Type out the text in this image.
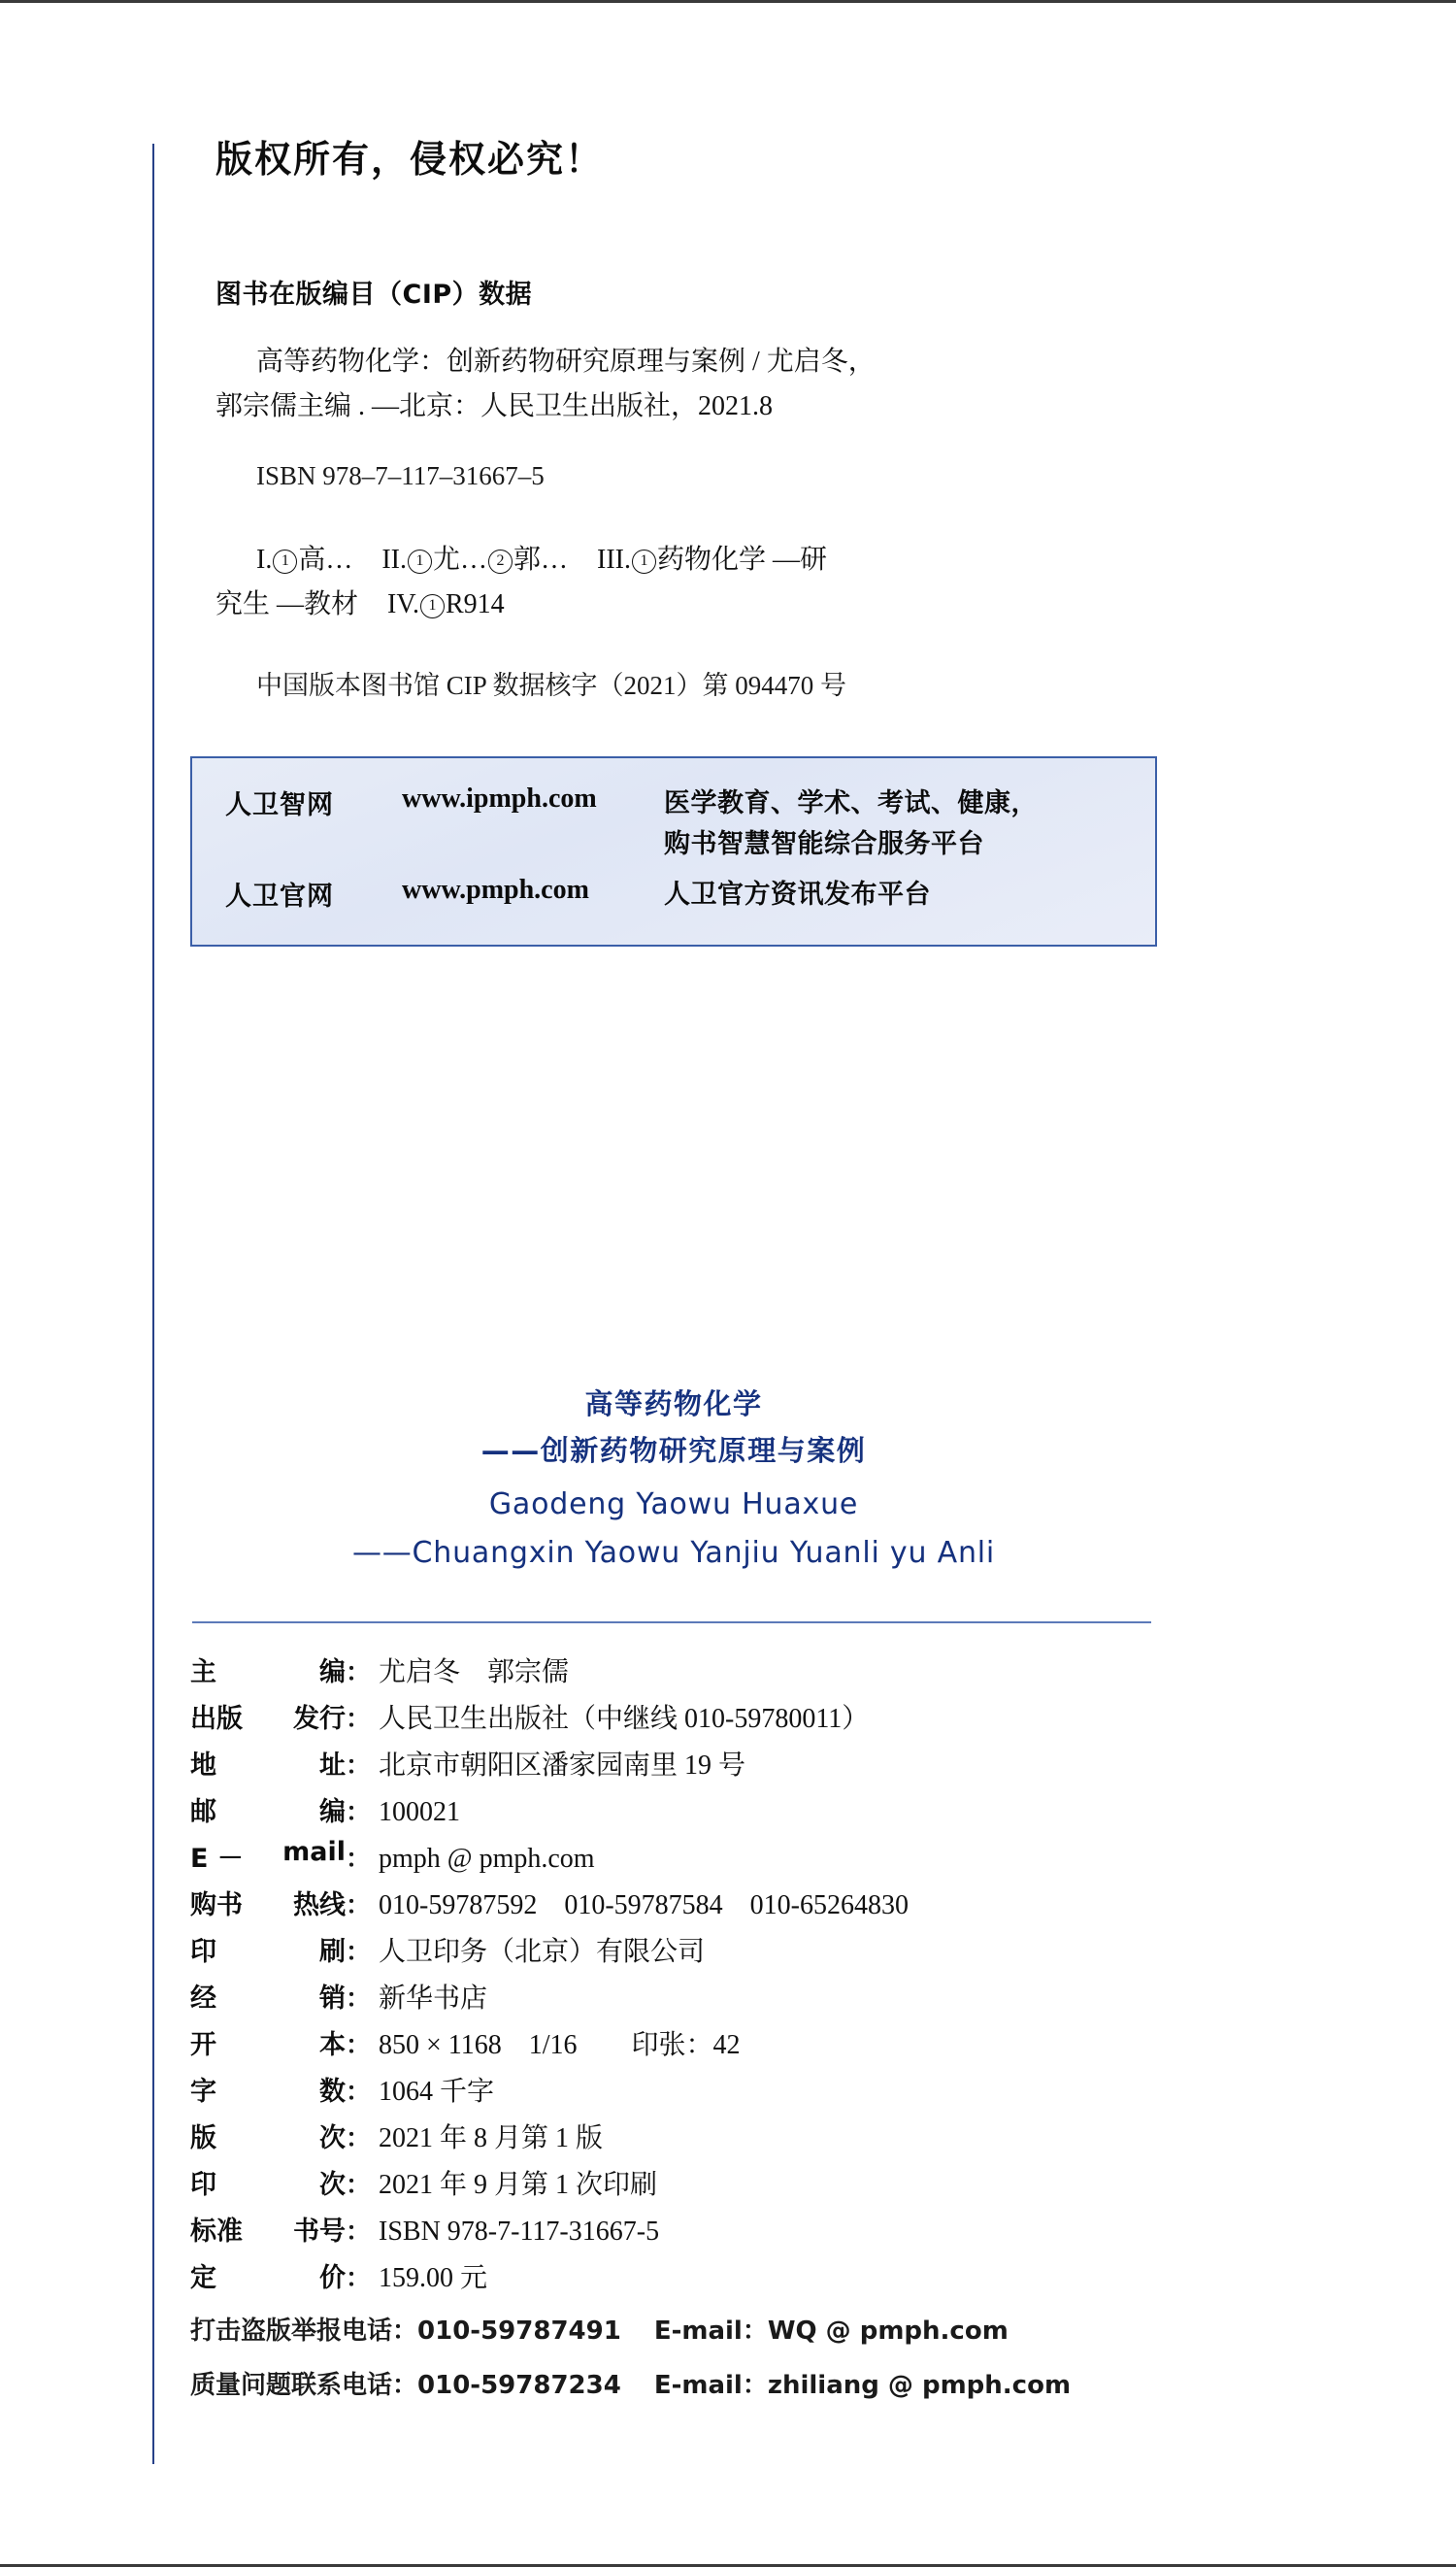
版权所有，侵权必究！
图书在版编目（CIP）数据
高等药物化学：创新药物研究原理与案例 / 尤启冬，
郭宗儒主编 . —北京：人民卫生出版社，2021.8
ISBN 978–7–117–31667–5
I. 1 高… II. 1 尤… 2 郭… III. 1 药物化学 —研
究生 —教材 IV. 1 R914
中国版本图书馆 CIP 数据核字（2021）第 094470 号
人卫智网	www.ipmph.com	医学教育、学术、考试、健康，
购书智慧智能综合服务平台
人卫官网	www.pmph.com	人卫官方资讯发布平台
高等药物化学
——创新药物研究原理与案例
Gaodeng Yaowu Huaxue
——Chuangxin Yaowu Yanjiu Yuanli yu Anli
主	编 ： 尤启冬　郭宗儒
出版 发行 ： 人民卫生出版社（中继线 010-59780011）
地	址 ： 北京市朝阳区潘家园南里 19 号
邮	编 ： 100021
E － mail ： pmph @ pmph.com
购书 热线 ： 010-59787592　010-59787584　010-65264830
印	刷 ： 人卫印务（北京）有限公司
经	销 ： 新华书店
开	本 ： 850 × 1168　1/16　　印张：42
字	数 ： 1064 千字
版	次 ： 2021 年 8 月第 1 版
印	次 ： 2021 年 9 月第 1 次印刷
标准 书号 ： ISBN 978-7-117-31667-5
定	价 ： 159.00 元
打击盗版举报电话： 010-59787491 E-mail： WQ @ pmph.com
质量问题联系电话： 010-59787234 E-mail： zhiliang @ pmph.com
